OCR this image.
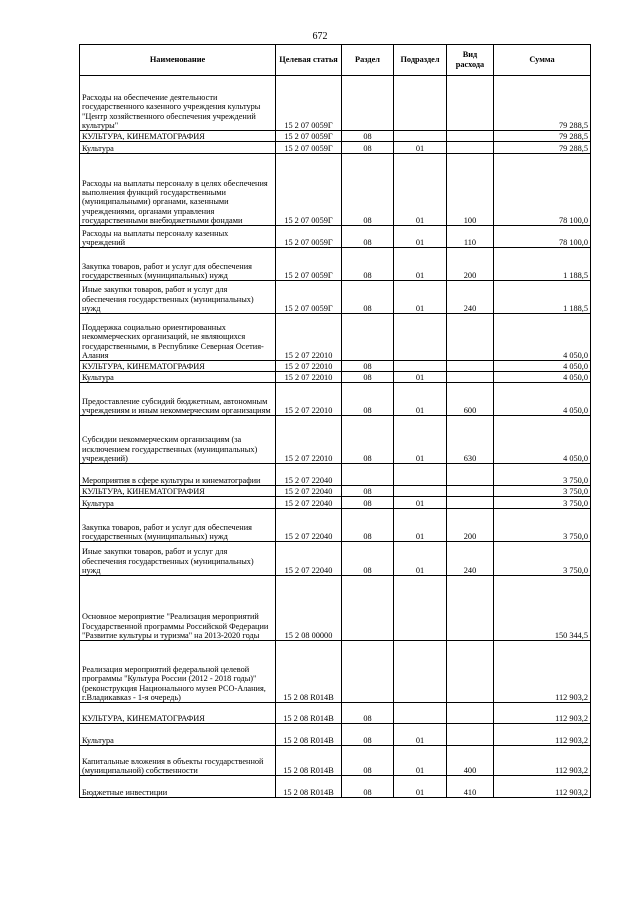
672
Наименование	Целевая статья	Раздел	Подраздел	Вид расхода	Сумма
Расходы на обеспечение деятельности государственного казенного учреждения культуры "Центр хозяйственного обеспечения учреждений культуры"	15 2 07 0059Г				79 288,5
КУЛЬТУРА, КИНЕМАТОГРАФИЯ	15 2 07 0059Г	08			79 288,5
Культура	15 2 07 0059Г	08	01		79 288,5
Расходы на выплаты персоналу в целях обеспечения выполнения функций государственными (муниципальными) органами, казенными учреждениями, органами управления государственными внебюджетными фондами	15 2 07 0059Г	08	01	100	78 100,0
Расходы на выплаты персоналу казенных учреждений	15 2 07 0059Г	08	01	110	78 100,0
Закупка товаров, работ и услуг для обеспечения государственных (муниципальных) нужд	15 2 07 0059Г	08	01	200	1 188,5
Иные закупки товаров, работ и услуг для обеспечения государственных (муниципальных) нужд	15 2 07 0059Г	08	01	240	1 188,5
Поддержка социально ориентированных некоммерческих организаций, не являющихся государственными, в Республике Северная Осетия-Алания	15 2 07 22010				4 050,0
КУЛЬТУРА, КИНЕМАТОГРАФИЯ	15 2 07 22010	08			4 050,0
Культура	15 2 07 22010	08	01		4 050,0
Предоставление субсидий бюджетным, автономным учреждениям и иным некоммерческим организациям	15 2 07 22010	08	01	600	4 050,0
Субсидии некоммерческим организациям (за исключением государственных (муниципальных) учреждений)	15 2 07 22010	08	01	630	4 050,0
Мероприятия в сфере культуры и кинематографии	15 2 07 22040				3 750,0
КУЛЬТУРА, КИНЕМАТОГРАФИЯ	15 2 07 22040	08			3 750,0
Культура	15 2 07 22040	08	01		3 750,0
Закупка товаров, работ и услуг для обеспечения государственных (муниципальных) нужд	15 2 07 22040	08	01	200	3 750,0
Иные закупки товаров, работ и услуг для обеспечения государственных (муниципальных) нужд	15 2 07 22040	08	01	240	3 750,0
Основное мероприятие "Реализация мероприятий Государственной программы Российской Федерации "Развитие культуры и туризма" на 2013-2020 годы	15 2 08 00000				150 344,5
Реализация мероприятий федеральной целевой программы "Культура России (2012 - 2018 годы)" (реконструкция Национального музея РСО-Алания, г.Владикавказ - 1-я очередь)	15 2 08 R014B				112 903,2
КУЛЬТУРА, КИНЕМАТОГРАФИЯ	15 2 08 R014B	08			112 903,2
Культура	15 2 08 R014B	08	01		112 903,2
Капитальные вложения в объекты государственной (муниципальной) собственности	15 2 08 R014B	08	01	400	112 903,2
Бюджетные инвестиции	15 2 08 R014B	08	01	410	112 903,2
